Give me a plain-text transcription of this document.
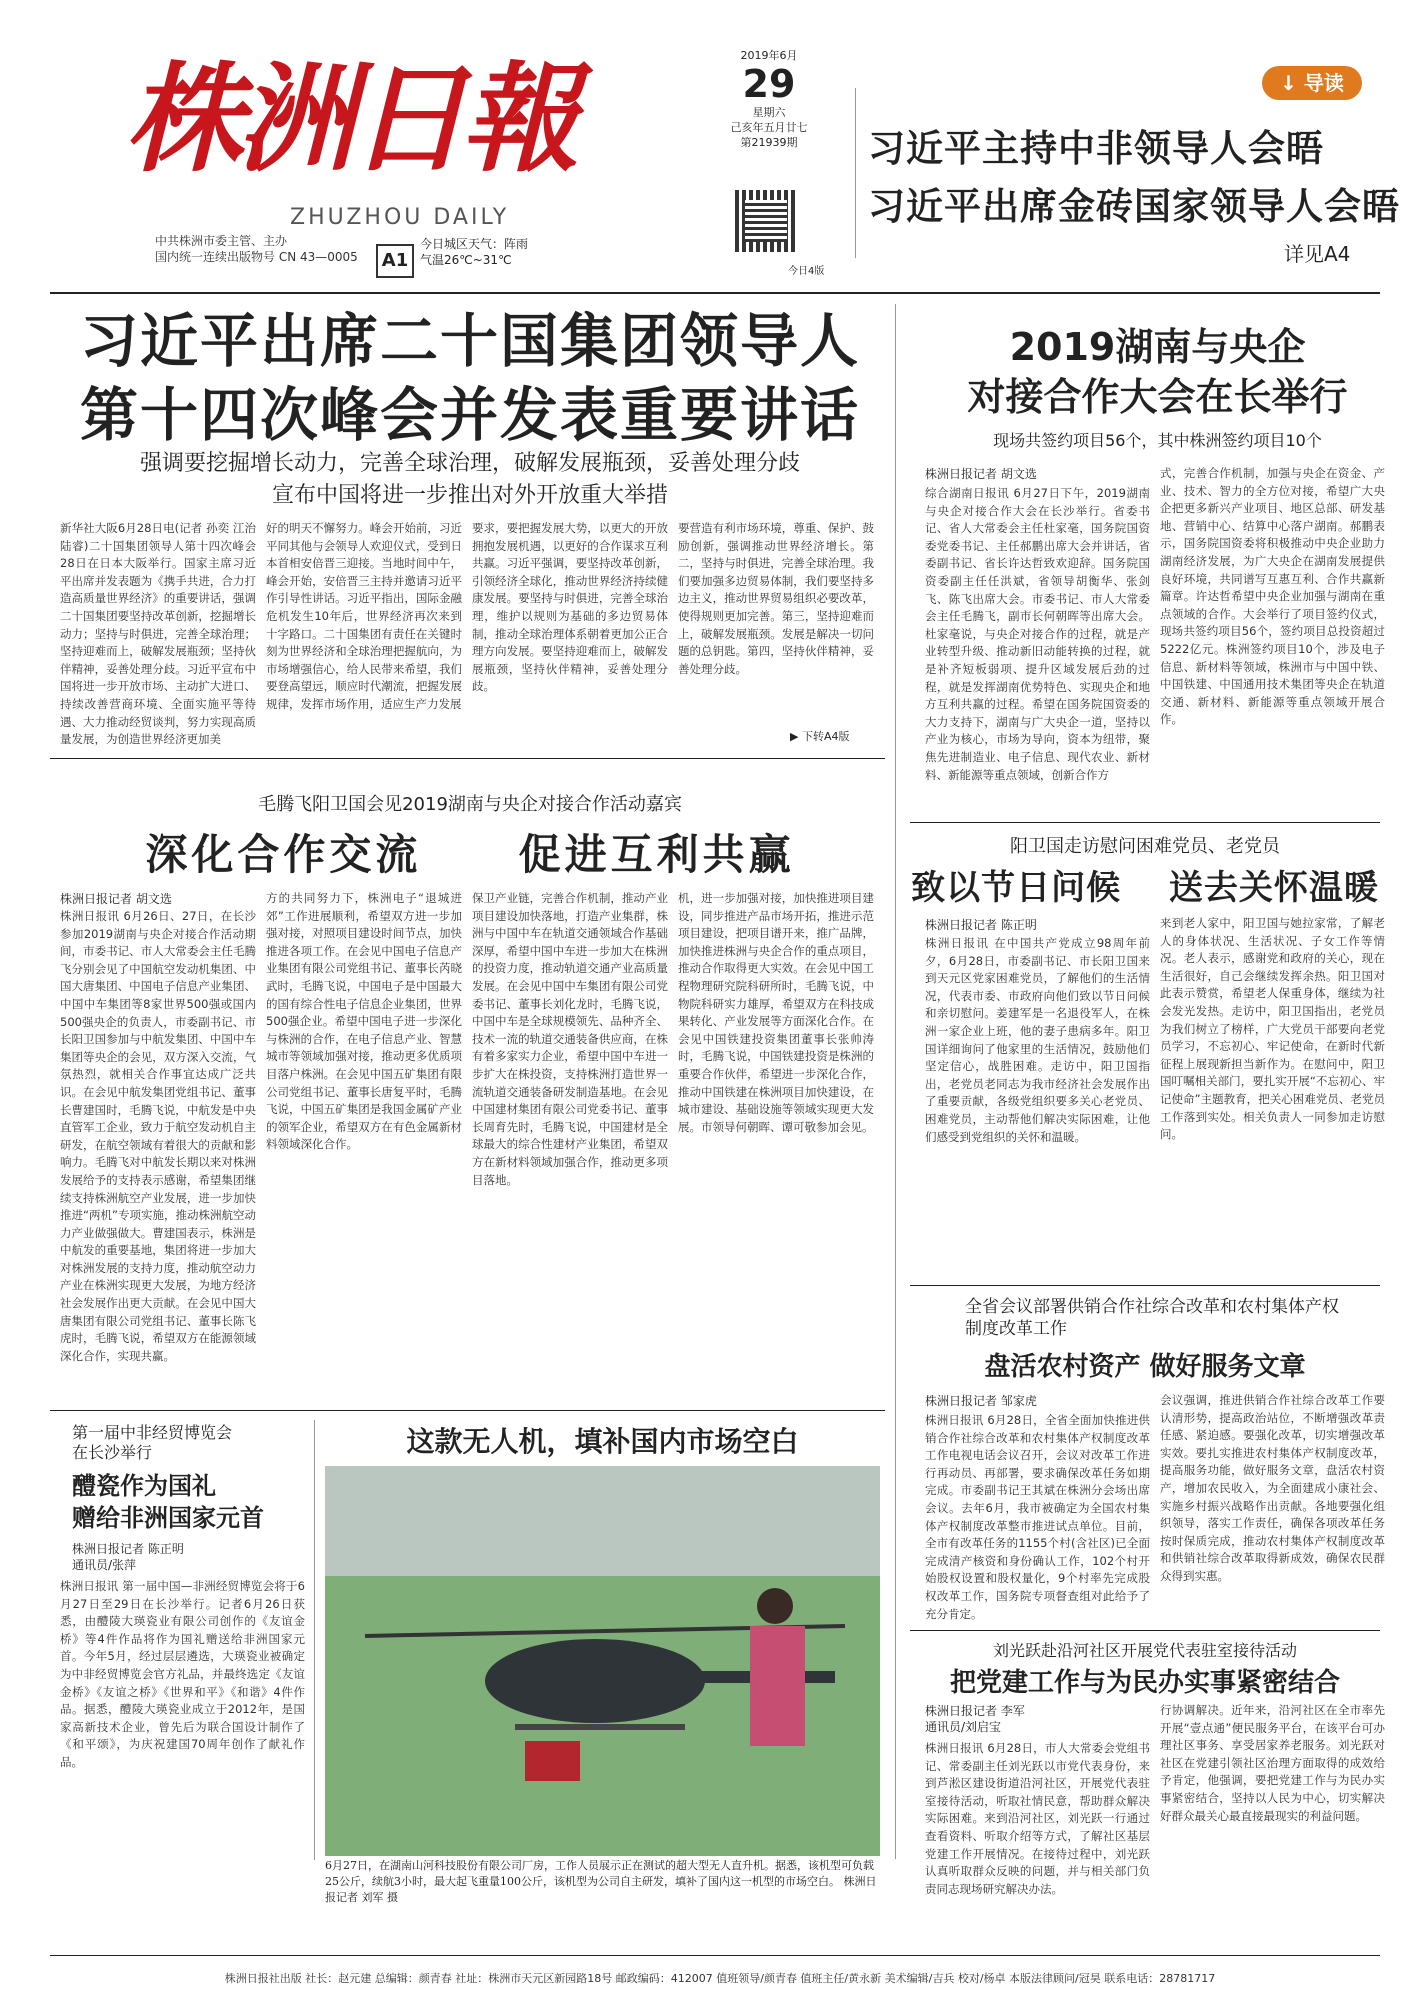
株洲日報
ZHUZHOU DAILY
中共株洲市委主管、主办
国内统一连续出版物号 CN 43—0005	A1
今日城区天气：阵雨
气温26℃~31℃
2019年6月
29
星期六
己亥年五月廿七
第21939期
今日4版
↓ 导读
习近平主持中非领导人会晤
习近平出席金砖国家领导人会晤
详见A4
习近平出席二十国集团领导人
第十四次峰会并发表重要讲话
强调要挖掘增长动力，完善全球治理，破解发展瓶颈，妥善处理分歧
宣布中国将进一步推出对外开放重大举措
新华社大阪6月28日电(记者 孙奕 江治 陆睿)二十国集团领导人第十四次峰会28日在日本大阪举行。国家主席习近平出席并发表题为《携手共进，合力打造高质量世界经济》的重要讲话，强调二十国集团要坚持改革创新，挖掘增长动力；坚持与时俱进，完善全球治理；坚持迎难而上，破解发展瓶颈；坚持伙伴精神，妥善处理分歧。习近平宣布中国将进一步开放市场、主动扩大进口、持续改善营商环境、全面实施平等待遇、大力推动经贸谈判，努力实现高质量发展，为创造世界经济更加美
好的明天不懈努力。峰会开始前，习近平同其他与会领导人欢迎仪式，受到日本首相安倍晋三迎接。当地时间中午，峰会开始，安倍晋三主持并邀请习近平作引导性讲话。习近平指出，国际金融危机发生10年后，世界经济再次来到十字路口。二十国集团有责任在关键时刻为世界经济和全球治理把握航向，为市场增强信心，给人民带来希望，我们要登高望远，顺应时代潮流，把握发展规律，发挥市场作用，适应生产力发展
要求，要把握发展大势，以更大的开放拥抱发展机遇，以更好的合作谋求互利共赢。习近平强调，要坚持改革创新，引领经济全球化，推动世界经济持续健康发展。要坚持与时俱进，完善全球治理，维护以规则为基础的多边贸易体制，推动全球治理体系朝着更加公正合理方向发展。要坚持迎难而上，破解发展瓶颈，坚持伙伴精神，妥善处理分歧。
要营造有利市场环境，尊重、保护、鼓励创新，强调推动世界经济增长。第二，坚持与时俱进，完善全球治理。我们要加强多边贸易体制，我们要坚持多边主义，推动世界贸易组织必要改革，使得规则更加完善。第三，坚持迎难而上，破解发展瓶颈。发展是解决一切问题的总钥匙。第四，坚持伙伴精神，妥善处理分歧。
▶ 下转A4版
2019湖南与央企
对接合作大会在长举行
现场共签约项目56个，其中株洲签约项目10个
株洲日报记者 胡文选
综合湖南日报讯 6月27日下午，2019湖南与央企对接合作大会在长沙举行。省委书记、省人大常委会主任杜家毫，国务院国资委党委书记、主任郝鹏出席大会并讲话，省委副书记、省长许达哲致欢迎辞。国务院国资委副主任任洪斌，省领导胡衡华、张剑飞、陈飞出席大会。市委书记、市人大常委会主任毛腾飞，副市长何朝晖等出席大会。杜家毫说，与央企对接合作的过程，就是产业转型升级、推动新旧动能转换的过程，就是补齐短板弱项、提升区域发展后劲的过程，就是发挥湖南优势特色、实现央企和地方互利共赢的过程。希望在国务院国资委的大力支持下，湖南与广大央企一道，坚持以产业为核心，市场为导向，资本为纽带，聚焦先进制造业、电子信息、现代农业、新材料、新能源等重点领域，创新合作方
式，完善合作机制，加强与央企在资金、产业、技术、智力的全方位对接，希望广大央企把更多新兴产业项目、地区总部、研发基地、营销中心、结算中心落户湖南。郝鹏表示，国务院国资委将积极推动中央企业助力湖南经济发展，为广大央企在湖南发展提供良好环境，共同谱写互惠互利、合作共赢新篇章。许达哲希望中央企业加强与湖南在重点领域的合作。大会举行了项目签约仪式，现场共签约项目56个，签约项目总投资超过5222亿元。株洲签约项目10个，涉及电子信息、新材料等领域，株洲市与中国中铁、中国铁建、中国通用技术集团等央企在轨道交通、新材料、新能源等重点领域开展合作。
毛腾飞阳卫国会见2019湖南与央企对接合作活动嘉宾
深化合作交流 促进互利共赢
株洲日报记者 胡文选
株洲日报讯 6月26日、27日，在长沙参加2019湖南与央企对接合作活动期间，市委书记、市人大常委会主任毛腾飞分别会见了中国航空发动机集团、中国大唐集团、中国电子信息产业集团、中国中车集团等8家世界500强或国内500强央企的负责人，市委副书记、市长阳卫国参加与中航发集团、中国中车集团等央企的会见，双方深入交流，气氛热烈，就相关合作事宜达成广泛共识。在会见中航发集团党组书记、董事长曹建国时，毛腾飞说，中航发是中央直管军工企业，致力于航空发动机自主研发，在航空领域有着很大的贡献和影响力。毛腾飞对中航发长期以来对株洲发展给予的支持表示感谢，希望集团继续支持株洲航空产业发展，进一步加快推进“两机”专项实施，推动株洲航空动力产业做强做大。曹建国表示，株洲是中航发的重要基地，集团将进一步加大对株洲发展的支持力度，推动航空动力产业在株洲实现更大发展，为地方经济社会发展作出更大贡献。在会见中国大唐集团有限公司党组书记、董事长陈飞虎时，毛腾飞说，希望双方在能源领域深化合作，实现共赢。
方的共同努力下，株洲电子“退城进郊”工作进展顺利，希望双方进一步加强对接，对照项目建设时间节点，加快推进各项工作。在会见中国电子信息产业集团有限公司党组书记、董事长芮晓武时，毛腾飞说，中国电子是中国最大的国有综合性电子信息企业集团，世界500强企业。希望中国电子进一步深化与株洲的合作，在电子信息产业、智慧城市等领域加强对接，推动更多优质项目落户株洲。在会见中国五矿集团有限公司党组书记、董事长唐复平时，毛腾飞说，中国五矿集团是我国金属矿产业的领军企业，希望双方在有色金属新材料领域深化合作。
保卫产业链，完善合作机制，推动产业项目建设加快落地，打造产业集群，株洲与中国中车在轨道交通领域合作基础深厚，希望中国中车进一步加大在株洲的投资力度，推动轨道交通产业高质量发展。在会见中国中车集团有限公司党委书记、董事长刘化龙时，毛腾飞说，中国中车是全球规模领先、品种齐全、技术一流的轨道交通装备供应商，在株有着多家实力企业，希望中国中车进一步扩大在株投资，支持株洲打造世界一流轨道交通装备研发制造基地。在会见中国建材集团有限公司党委书记、董事长周育先时，毛腾飞说，中国建材是全球最大的综合性建材产业集团，希望双方在新材料领域加强合作，推动更多项目落地。
机，进一步加强对接，加快推进项目建设，同步推进产品市场开拓，推进示范项目建设，把项目谱开来，推广品牌，加快推进株洲与央企合作的重点项目，推动合作取得更大实效。在会见中国工程物理研究院科研所时，毛腾飞说，中物院科研实力雄厚，希望双方在科技成果转化、产业发展等方面深化合作。在会见中国铁建投资集团董事长张帅涛时，毛腾飞说，中国铁建投资是株洲的重要合作伙伴，希望进一步深化合作，推动中国铁建在株洲项目加快建设，在城市建设、基础设施等领域实现更大发展。市领导何朝晖、谭可敬参加会见。
阳卫国走访慰问困难党员、老党员
致以节日问候 送去关怀温暖
株洲日报记者 陈正明
株洲日报讯 在中国共产党成立98周年前夕，6月28日，市委副书记、市长阳卫国来到天元区党家困难党员，了解他们的生活情况，代表市委、市政府向他们致以节日问候和亲切慰问。姜建军是一名退役军人，在株洲一家企业上班，他的妻子患病多年。阳卫国详细询问了他家里的生活情况，鼓励他们坚定信心，战胜困难。走访中，阳卫国指出，老党员老同志为我市经济社会发展作出了重要贡献，各级党组织要多关心老党员、困难党员，主动帮他们解决实际困难，让他们感受到党组织的关怀和温暖。
来到老人家中，阳卫国与她拉家常，了解老人的身体状况、生活状况、子女工作等情况。老人表示，感谢党和政府的关心，现在生活很好，自己会继续发挥余热。阳卫国对此表示赞赏，希望老人保重身体，继续为社会发光发热。走访中，阳卫国指出，老党员为我们树立了榜样，广大党员干部要向老党员学习，不忘初心、牢记使命，在新时代新征程上展现新担当新作为。在慰问中，阳卫国叮嘱相关部门，要扎实开展“不忘初心、牢记使命”主题教育，把关心困难党员、老党员工作落到实处。相关负责人一同参加走访慰问。
全省会议部署供销合作社综合改革和农村集体产权制度改革工作
盘活农村资产 做好服务文章
株洲日报记者 邹家虎
株洲日报讯 6月28日，全省全面加快推进供销合作社综合改革和农村集体产权制度改革工作电视电话会议召开，会议对改革工作进行再动员、再部署，要求确保改革任务如期完成。市委副书记王其斌在株洲分会场出席会议。去年6月，我市被确定为全国农村集体产权制度改革整市推进试点单位。目前，全市有改革任务的1155个村(含社区)已全面完成清产核资和身份确认工作，102个村开始股权设置和股权量化，9个村率先完成股权改革工作，国务院专项督查组对此给予了充分肯定。
会议强调，推进供销合作社综合改革工作要认清形势，提高政治站位，不断增强改革责任感、紧迫感。要强化改革，切实增强改革实效。要扎实推进农村集体产权制度改革，提高服务功能，做好服务文章，盘活农村资产，增加农民收入，为全面建成小康社会、实施乡村振兴战略作出贡献。各地要强化组织领导，落实工作责任，确保各项改革任务按时保质完成，推动农村集体产权制度改革和供销社综合改革取得新成效，确保农民群众得到实惠。
刘光跃赴沿河社区开展党代表驻室接待活动
把党建工作与为民办实事紧密结合
株洲日报记者 李军
通讯员/刘启宝
株洲日报讯 6月28日，市人大常委会党组书记、常委副主任刘光跃以市党代表身份，来到芦淞区建设街道沿河社区，开展党代表驻室接待活动，听取社情民意，帮助群众解决实际困难。来到沿河社区，刘光跃一行通过查看资料、听取介绍等方式，了解社区基层党建工作开展情况。在接待过程中，刘光跃认真听取群众反映的问题，并与相关部门负责同志现场研究解决办法。
行协调解决。近年来，沿河社区在全市率先开展“壹点通”便民服务平台，在该平台可办理社区事务、享受居家养老服务。刘光跃对社区在党建引领社区治理方面取得的成效给予肯定，他强调，要把党建工作与为民办实事紧密结合，坚持以人民为中心，切实解决好群众最关心最直接最现实的利益问题。
第一届中非经贸博览会
在长沙举行
醴瓷作为国礼
赠给非洲国家元首
株洲日报记者 陈正明
通讯员/张萍
株洲日报讯 第一届中国—非洲经贸博览会将于6月27日至29日在长沙举行。记者6月26日获悉，由醴陵大瑛瓷业有限公司创作的《友谊金桥》等4件作品将作为国礼赠送给非洲国家元首。今年5月，经过层层遴选，大瑛瓷业被确定为中非经贸博览会官方礼品，并最终选定《友谊金桥》《友谊之桥》《世界和平》《和谐》4件作品。据悉，醴陵大瑛瓷业成立于2012年，是国家高新技术企业，曾先后为联合国设计制作了《和平颂》，为庆祝建国70周年创作了献礼作品。
这款无人机，填补国内市场空白
6月27日，在湖南山河科技股份有限公司厂房，工作人员展示正在测试的超大型无人直升机。据悉，该机型可负载25公斤，续航3小时，最大起飞重量100公斤，该机型为公司自主研发，填补了国内这一机型的市场空白。 株洲日报记者 刘军 摄
株洲日报社出版 社长：赵元建 总编辑：颜青春 社址：株洲市天元区新园路18号 邮政编码：412007 值班领导/颜青春 值班主任/黄永新 美术编辑/吉兵 校对/杨卓 本版法律顾问/冠昊 联系电话：28781717
